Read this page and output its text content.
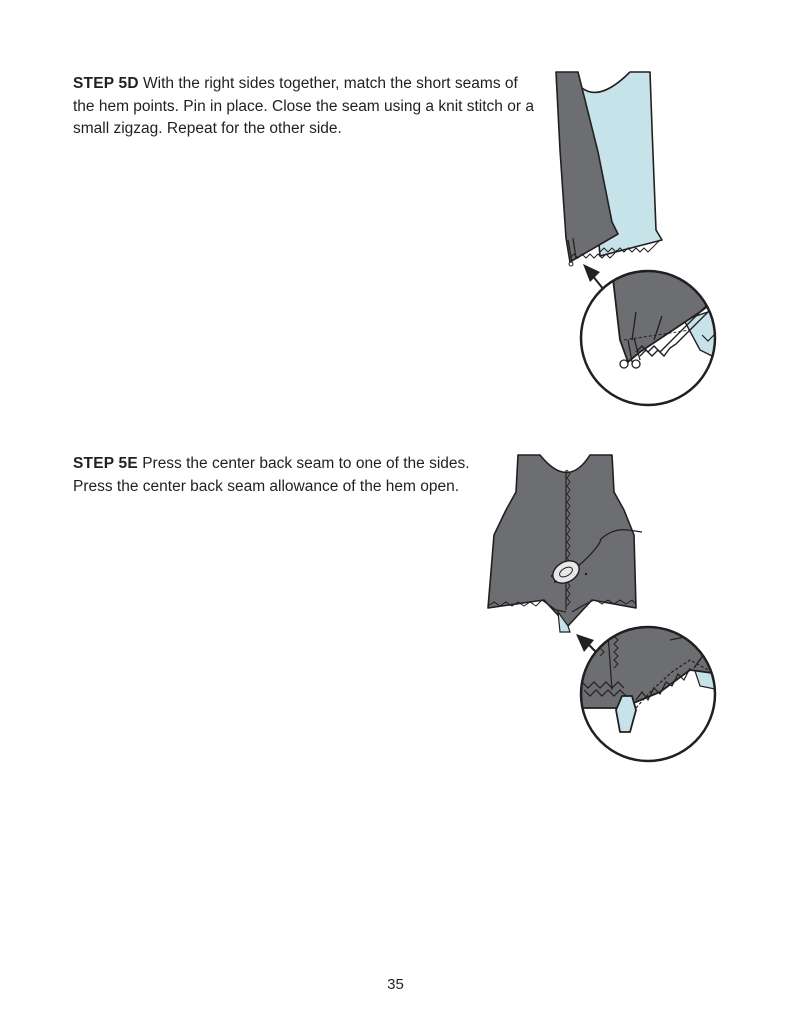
STEP 5D With the right sides together, match the short seams of the hem points. Pin in place. Close the seam using a knit stitch or a small zigzag. Repeat for the other side.

STEP 5E Press the center back seam to one of the sides. Press the center back seam allowance of the hem open.

35
